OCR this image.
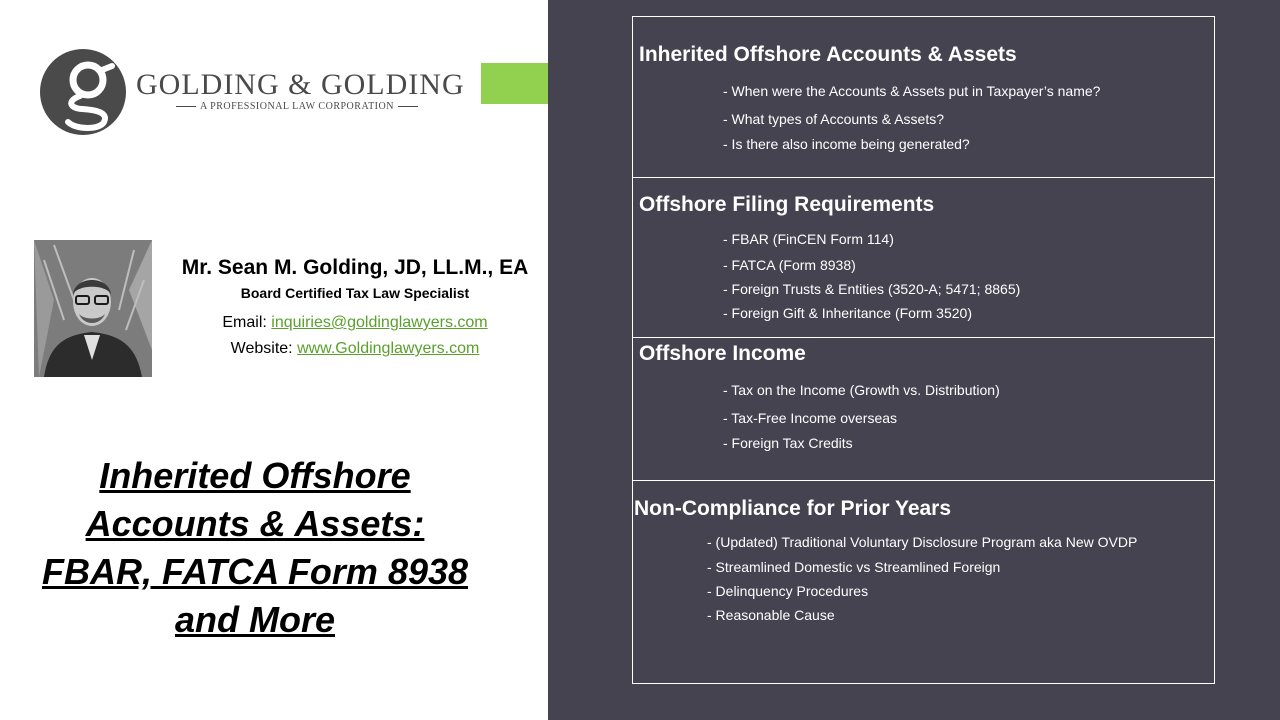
GOLDING & GOLDING
A PROFESSIONAL LAW CORPORATION
Mr. Sean M. Golding, JD, LL.M., EA
Board Certified Tax Law Specialist
Email: inquiries@goldinglawyers.com
Website: www.Goldinglawyers.com
Inherited Offshore
Accounts & Assets:
FBAR, FATCA Form 8938
and More
Inherited Offshore Accounts & Assets
- When were the Accounts & Assets put in Taxpayer’s name?
- What types of Accounts & Assets?
- Is there also income being generated?
Offshore Filing Requirements
- FBAR (FinCEN Form 114)
- FATCA (Form 8938)
- Foreign Trusts & Entities (3520-A; 5471; 8865)
- Foreign Gift & Inheritance (Form 3520)
Offshore Income
- Tax on the Income (Growth vs. Distribution)
- Tax-Free Income overseas
- Foreign Tax Credits
Non-Compliance for Prior Years
- (Updated) Traditional Voluntary Disclosure Program aka New OVDP
- Streamlined Domestic vs Streamlined Foreign
- Delinquency Procedures
- Reasonable Cause
